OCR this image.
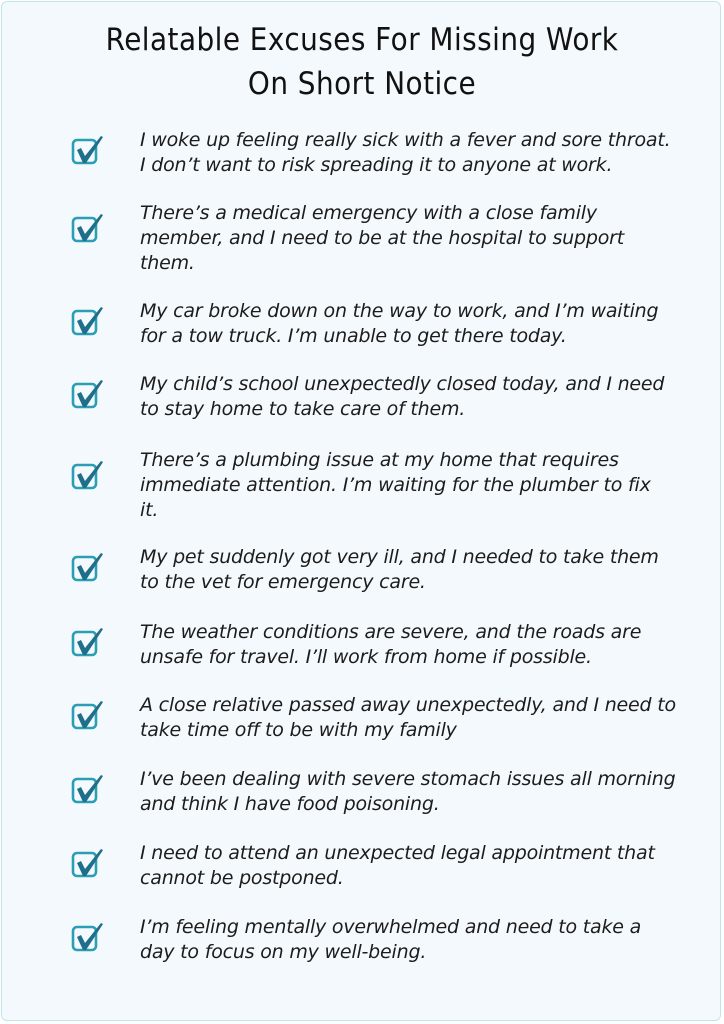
Relatable Excuses For Missing Work
On Short Notice
I woke up feeling really sick with a fever and sore throat.
I don’t want to risk spreading it to anyone at work.
There’s a medical emergency with a close family
member, and I need to be at the hospital to support
them.
My car broke down on the way to work, and I’m waiting
for a tow truck. I’m unable to get there today.
My child’s school unexpectedly closed today, and I need
to stay home to take care of them.
There’s a plumbing issue at my home that requires
immediate attention. I’m waiting for the plumber to fix
it.
My pet suddenly got very ill, and I needed to take them
to the vet for emergency care.
The weather conditions are severe, and the roads are
unsafe for travel. I’ll work from home if possible.
A close relative passed away unexpectedly, and I need to
take time off to be with my family
I’ve been dealing with severe stomach issues all morning
and think I have food poisoning.
I need to attend an unexpected legal appointment that
cannot be postponed.
I’m feeling mentally overwhelmed and need to take a
day to focus on my well-being.
